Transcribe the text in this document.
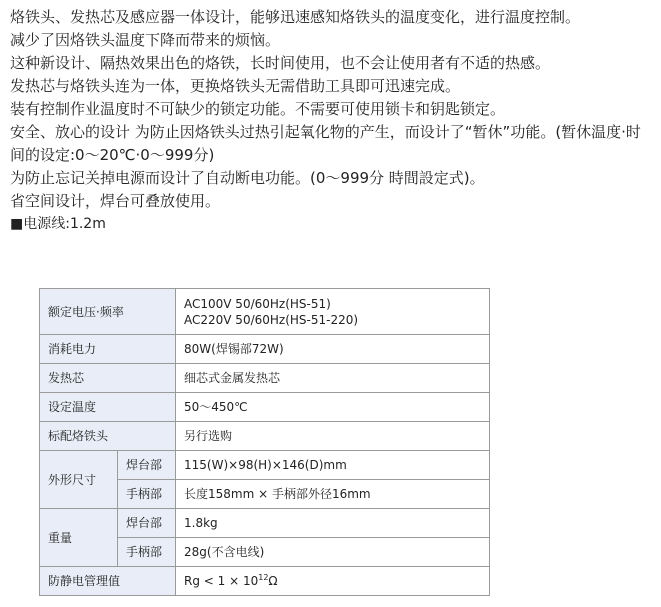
烙铁头、发热芯及感应器一体设计，能够迅速感知烙铁头的温度变化，进行温度控制。

减少了因烙铁头温度下降而带来的烦恼。

这种新设计、隔热效果出色的烙铁，长时间使用，也不会让使用者有不适的热感。

发热芯与烙铁头连为一体，更换烙铁头无需借助工具即可迅速完成。

装有控制作业温度时不可缺少的锁定功能。不需要可使用锁卡和钥匙锁定。

安全、放心的设计 为防止因烙铁头过热引起氧化物的产生，而设计了“暂休”功能。(暂休温度·时间的设定:0～20℃·0～999分)

为防止忘记关掉电源而设计了自动断电功能。(0～999分 時間設定式)。

省空间设计，焊台可叠放使用。

■电源线:1.2m

额定电压·频率		AC100V 50/60Hz(HS-51)
AC220V 50/60Hz(HS-51-220)

消耗电力		80W(焊锡部72W)
发热芯		细芯式金属发热芯
设定温度		50～450℃
标配烙铁头		另行选购
外形尺寸	焊台部	115(W)×98(H)×146(D)mm
	手柄部	长度158mm × 手柄部外径16mm
重量	焊台部	1.8kg
	手柄部	28g(不含电线)
防静电管理值		$Rg < 1 \times 10^{12}\Omega$
